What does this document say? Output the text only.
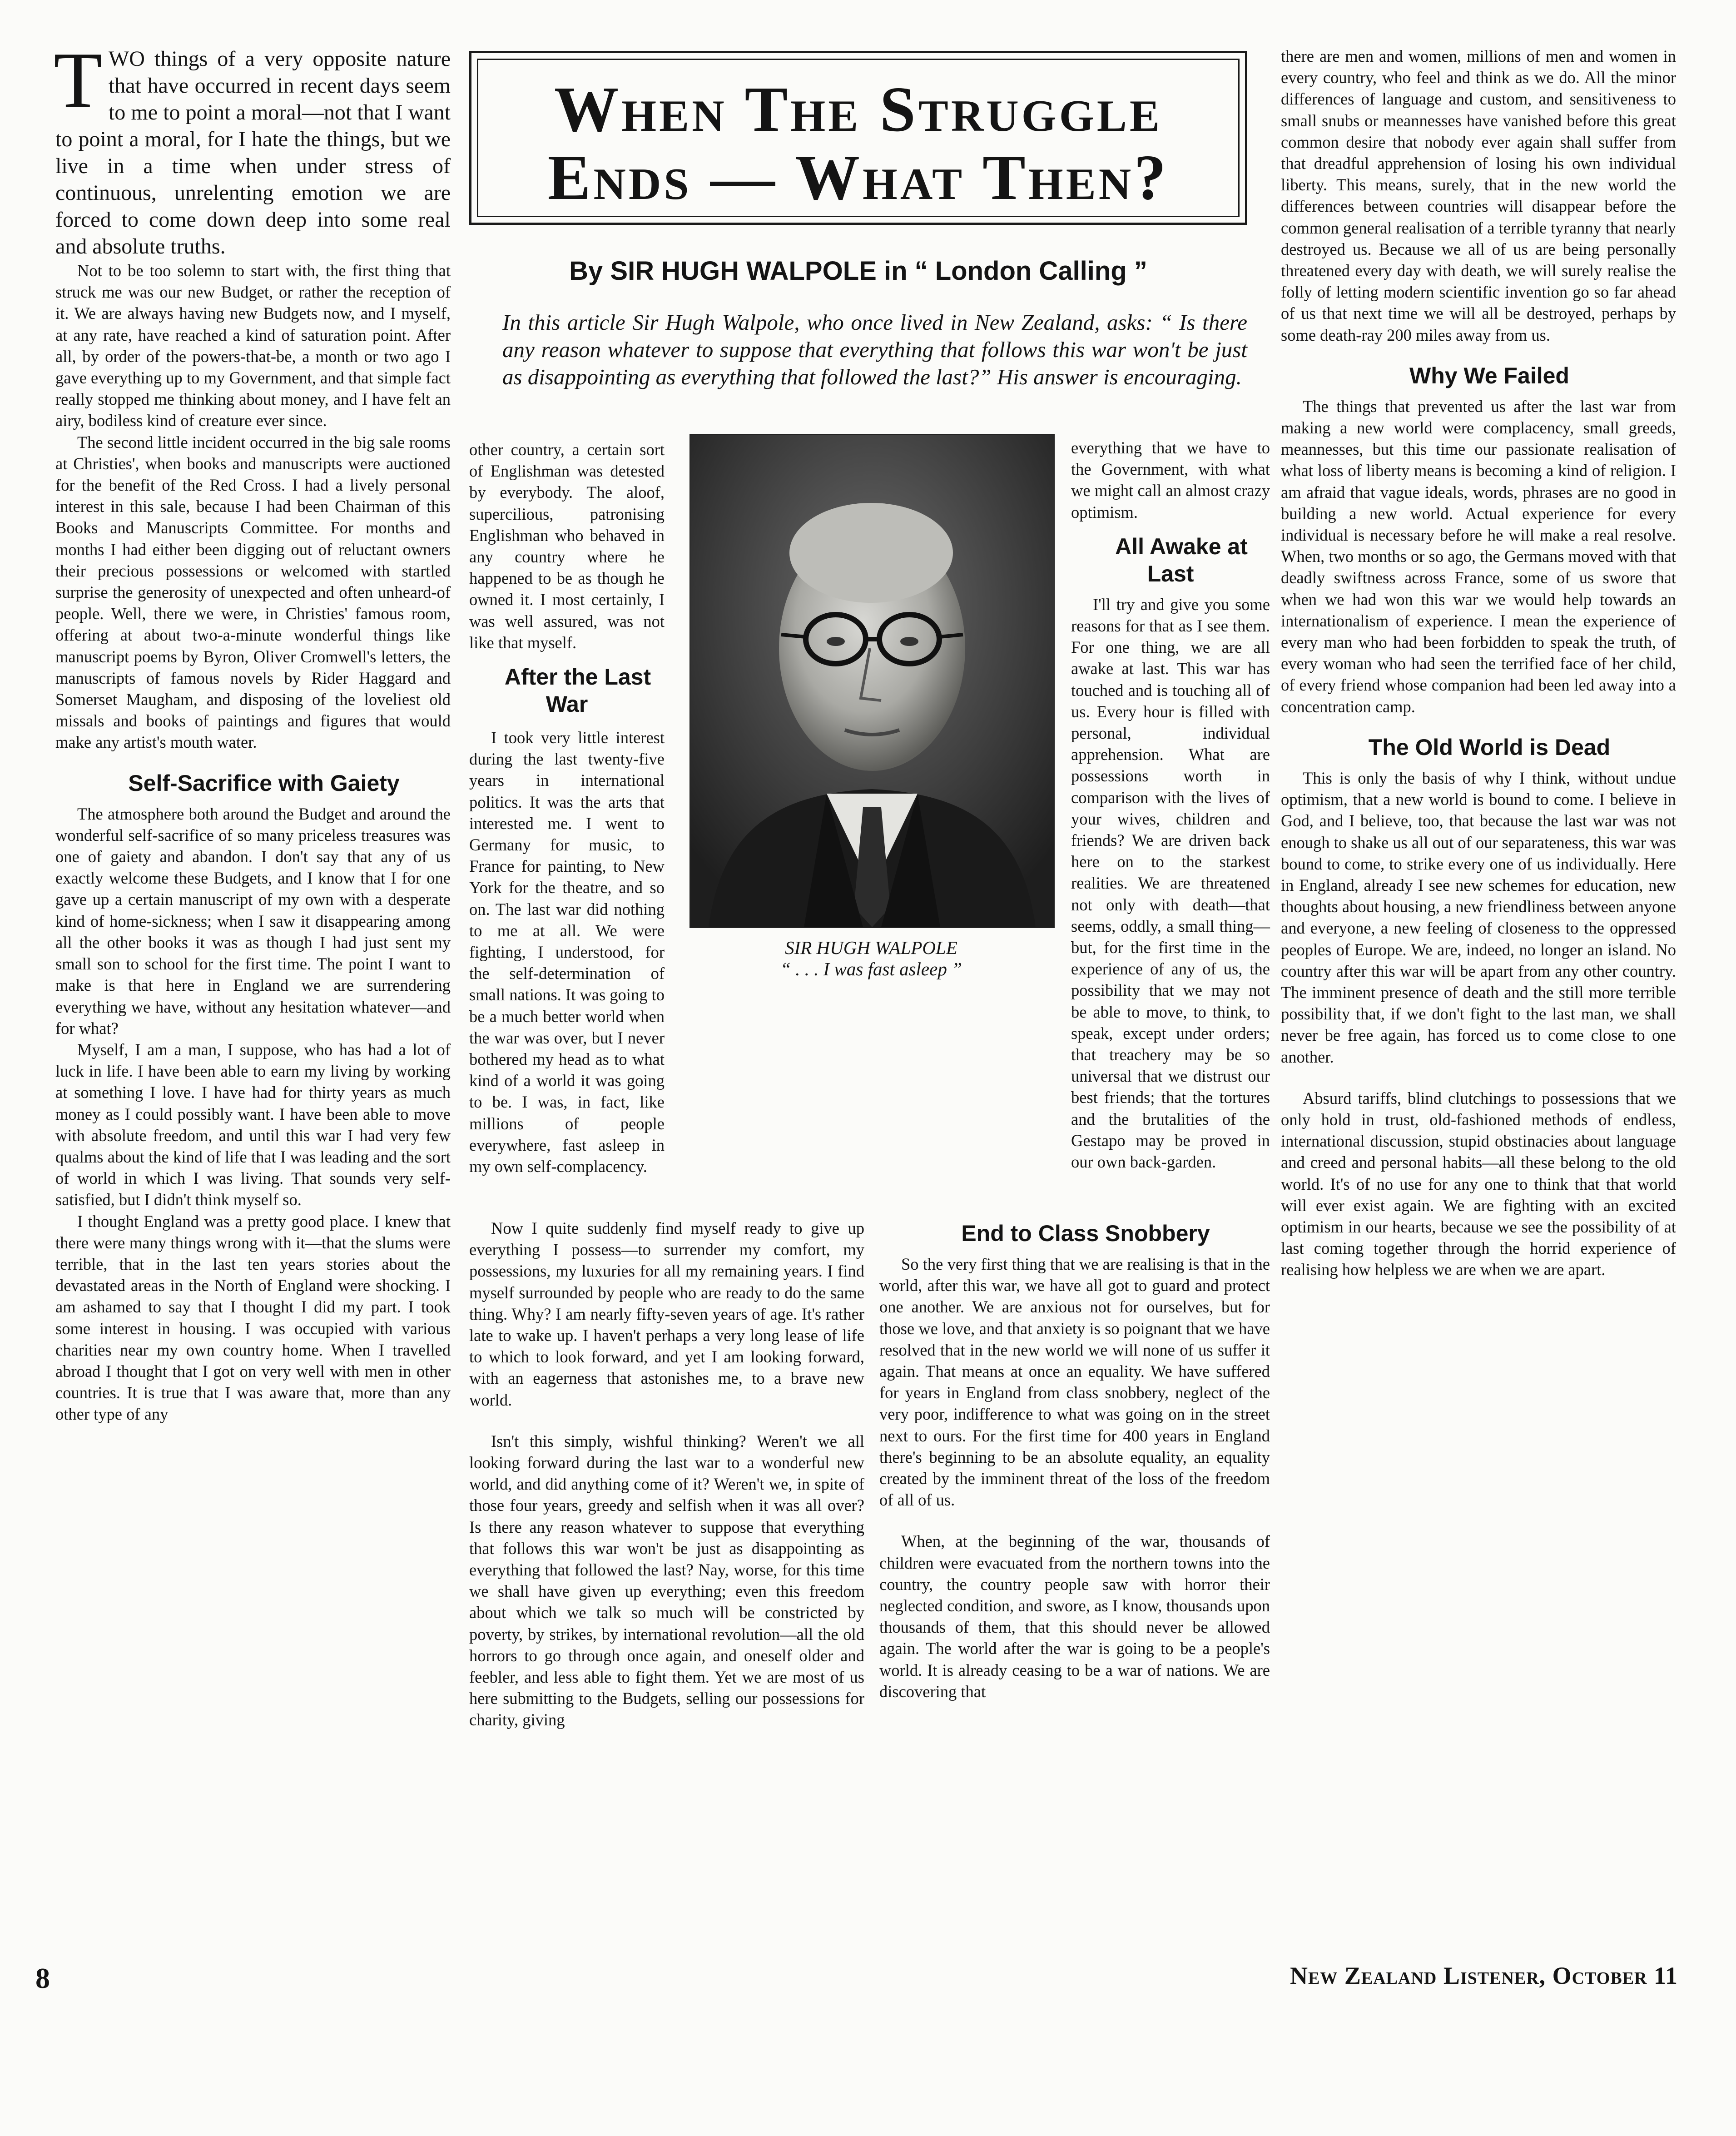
When The Struggle
Ends — What Then?
By SIR HUGH WALPOLE in “ London Calling ”
In this article Sir Hugh Walpole, who once lived in New Zealand, asks: “ Is there any reason whatever to suppose that everything that follows this war won't be just as disappointing as everything that followed the last?” His answer is encouraging.

TWO things of a very opposite nature that have occurred in recent days seem to me to point a moral—not that I want to point a moral, for I hate the things, but we live in a time when under stress of continuous, unrelenting emotion we are forced to come down deep into some real and absolute truths.

Not to be too solemn to start with, the first thing that struck me was our new Budget, or rather the reception of it. We are always having new Budgets now, and I myself, at any rate, have reached a kind of saturation point. After all, by order of the powers-that-be, a month or two ago I gave everything up to my Government, and that simple fact really stopped me thinking about money, and I have felt an airy, bodiless kind of creature ever since.

The second little incident occurred in the big sale rooms at Christies', when books and manuscripts were auctioned for the benefit of the Red Cross. I had a lively personal interest in this sale, because I had been Chairman of this Books and Manuscripts Committee. For months and months I had either been digging out of reluctant owners their precious possessions or welcomed with startled surprise the generosity of unexpected and often unheard-of people. Well, there we were, in Christies' famous room, offering at about two-a-minute wonderful things like manuscript poems by Byron, Oliver Cromwell's letters, the manuscripts of famous novels by Rider Haggard and Somerset Maugham, and disposing of the loveliest old missals and books of paintings and figures that would make any artist's mouth water.

Self-Sacrifice with Gaiety

The atmosphere both around the Budget and around the wonderful self-sacrifice of so many priceless treasures was one of gaiety and abandon. I don't say that any of us exactly welcome these Budgets, and I know that I for one gave up a certain manuscript of my own with a desperate kind of home-sickness; when I saw it disappearing among all the other books it was as though I had just sent my small son to school for the first time. The point I want to make is that here in England we are surrendering everything we have, without any hesitation whatever—and for what?

Myself, I am a man, I suppose, who has had a lot of luck in life. I have been able to earn my living by working at something I love. I have had for thirty years as much money as I could possibly want. I have been able to move with absolute freedom, and until this war I had very few qualms about the kind of life that I was leading and the sort of world in which I was living. That sounds very self-satisfied, but I didn't think myself so.

I thought England was a pretty good place. I knew that there were many things wrong with it—that the slums were terrible, that in the last ten years stories about the devastated areas in the North of England were shocking. I am ashamed to say that I thought I did my part. I took some interest in housing. I was occupied with various charities near my own country home. When I travelled abroad I thought that I got on very well with men in other countries. It is true that I was aware that, more than any other type of any

other country, a certain sort of Englishman was detested by everybody. The aloof, supercilious, patronising Englishman who behaved in any country where he happened to be as though he owned it. I most certainly, I was well assured, was not like that myself.

After the Last War

I took very little interest during the last twenty-five years in international politics. It was the arts that interested me. I went to Germany for music, to France for painting, to New York for the theatre, and so on. The last war did nothing to me at all. We were fighting, I understood, for the self-determination of small nations. It was going to be a much better world when the war was over, but I never bothered my head as to what kind of a world it was going to be. I was, in fact, like millions of people everywhere, fast asleep in my own self-complacency.

Now I quite suddenly find myself ready to give up everything I possess—to surrender my comfort, my possessions, my luxuries for all my remaining years. I find myself surrounded by people who are ready to do the same thing. Why? I am nearly fifty-seven years of age. It's rather late to wake up. I haven't perhaps a very long lease of life to which to look forward, and yet I am looking forward, with an eagerness that astonishes me, to a brave new world.

Isn't this simply, wishful thinking? Weren't we all looking forward during the last war to a wonderful new world, and did anything come of it? Weren't we, in spite of those four years, greedy and selfish when it was all over? Is there any reason whatever to suppose that everything that follows this war won't be just as disappointing as everything that followed the last? Nay, worse, for this time we shall have given up everything; even this freedom about which we talk so much will be constricted by poverty, by strikes, by international revolution—all the old horrors to go through once again, and oneself older and feebler, and less able to fight them. Yet we are most of us here submitting to the Budgets, selling our possessions for charity, giving

SIR HUGH WALPOLE
“ . . . I was fast asleep ”

everything that we have to the Government, with what we might call an almost crazy optimism.

All Awake at Last

I'll try and give you some reasons for that as I see them. For one thing, we are all awake at last. This war has touched and is touching all of us. Every hour is filled with personal, individual apprehension. What are possessions worth in comparison with the lives of your wives, children and friends? We are driven back here on to the starkest realities. We are threatened not only with death—that seems, oddly, a small thing—but, for the first time in the experience of any of us, the possibility that we may not be able to move, to think, to speak, except under orders; that treachery may be so universal that we distrust our best friends; that the tortures and the brutalities of the Gestapo may be proved in our own back-garden.

End to Class Snobbery

So the very first thing that we are realising is that in the world, after this war, we have all got to guard and protect one another. We are anxious not for ourselves, but for those we love, and that anxiety is so poignant that we have resolved that in the new world we will none of us suffer it again. That means at once an equality. We have suffered for years in England from class snobbery, neglect of the very poor, indifference to what was going on in the street next to ours. For the first time for 400 years in England there's beginning to be an absolute equality, an equality created by the imminent threat of the loss of the freedom of all of us.

When, at the beginning of the war, thousands of children were evacuated from the northern towns into the country, the country people saw with horror their neglected condition, and swore, as I know, thousands upon thousands of them, that this should never be allowed again. The world after the war is going to be a people's world. It is already ceasing to be a war of nations. We are discovering that

there are men and women, millions of men and women in every country, who feel and think as we do. All the minor differences of language and custom, and sensitiveness to small snubs or meannesses have vanished before this great common desire that nobody ever again shall suffer from that dreadful apprehension of losing his own individual liberty. This means, surely, that in the new world the differences between countries will disappear before the common general realisation of a terrible tyranny that nearly destroyed us. Because we all of us are being personally threatened every day with death, we will surely realise the folly of letting modern scientific invention go so far ahead of us that next time we will all be destroyed, perhaps by some death-ray 200 miles away from us.

Why We Failed

The things that prevented us after the last war from making a new world were complacency, small greeds, meannesses, but this time our passionate realisation of what loss of liberty means is becoming a kind of religion. I am afraid that vague ideals, words, phrases are no good in building a new world. Actual experience for every individual is necessary before he will make a real resolve. When, two months or so ago, the Germans moved with that deadly swiftness across France, some of us swore that when we had won this war we would help towards an internationalism of experience. I mean the experience of every man who had been forbidden to speak the truth, of every woman who had seen the terrified face of her child, of every friend whose companion had been led away into a concentration camp.

The Old World is Dead

This is only the basis of why I think, without undue optimism, that a new world is bound to come. I believe in God, and I believe, too, that because the last war was not enough to shake us all out of our separateness, this war was bound to come, to strike every one of us individually. Here in England, already I see new schemes for education, new thoughts about housing, a new friendliness between anyone and everyone, a new feeling of closeness to the oppressed peoples of Europe. We are, indeed, no longer an island. No country after this war will be apart from any other country. The imminent presence of death and the still more terrible possibility that, if we don't fight to the last man, we shall never be free again, has forced us to come close to one another.

Absurd tariffs, blind clutchings to possessions that we only hold in trust, old-fashioned methods of endless, international discussion, stupid obstinacies about language and creed and personal habits—all these belong to the old world. It's of no use for any one to think that that world will ever exist again. We are fighting with an excited optimism in our hearts, because we see the possibility of at last coming together through the horrid experience of realising how helpless we are when we are apart.

8	New Zealand Listener, October 11
